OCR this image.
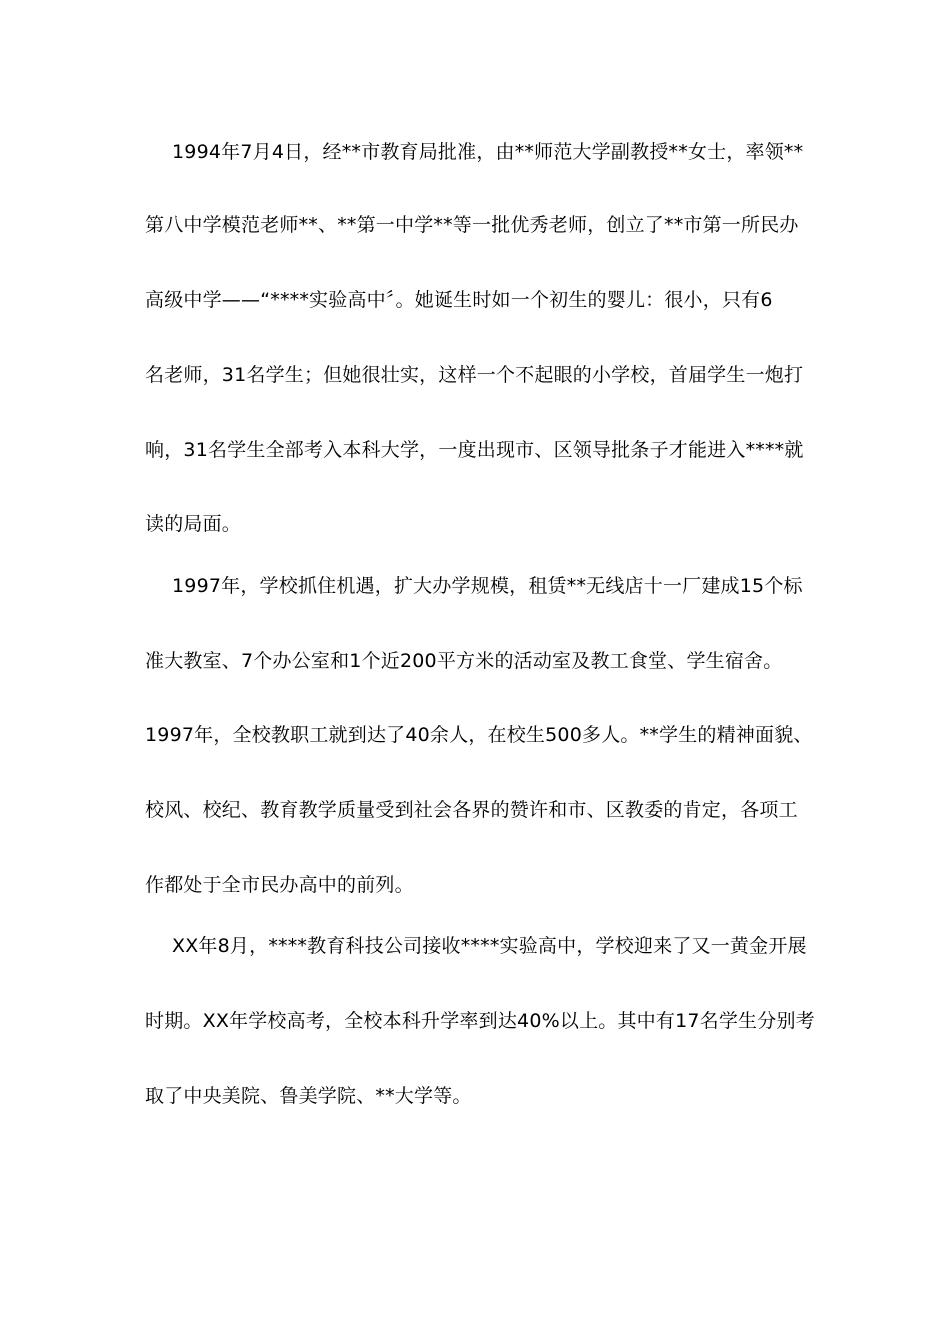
1994年7月4日，经**市教育局批准，由**师范大学副教授**女士，率领**
第八中学模范老师**、**第一中学**等一批优秀老师，创立了**市第一所民办
高级中学——“****实验高中〞。她诞生时如一个初生的婴儿：很小，只有6
名老师，31名学生；但她很壮实，这样一个不起眼的小学校，首届学生一炮打
响，31名学生全部考入本科大学，一度出现市、区领导批条子才能进入****就
读的局面。
1997年，学校抓住机遇，扩大办学规模，租赁**无线店十一厂建成15个标
准大教室、7个办公室和1个近200平方米的活动室及教工食堂、学生宿舍。
1997年，全校教职工就到达了40余人，在校生500多人。**学生的精神面貌、
校风、校纪、教育教学质量受到社会各界的赞许和市、区教委的肯定，各项工
作都处于全市民办高中的前列。
XX年8月，****教育科技公司接收****实验高中，学校迎来了又一黄金开展
时期。XX年学校高考，全校本科升学率到达40%以上。其中有17名学生分别考
取了中央美院、鲁美学院、**大学等。
